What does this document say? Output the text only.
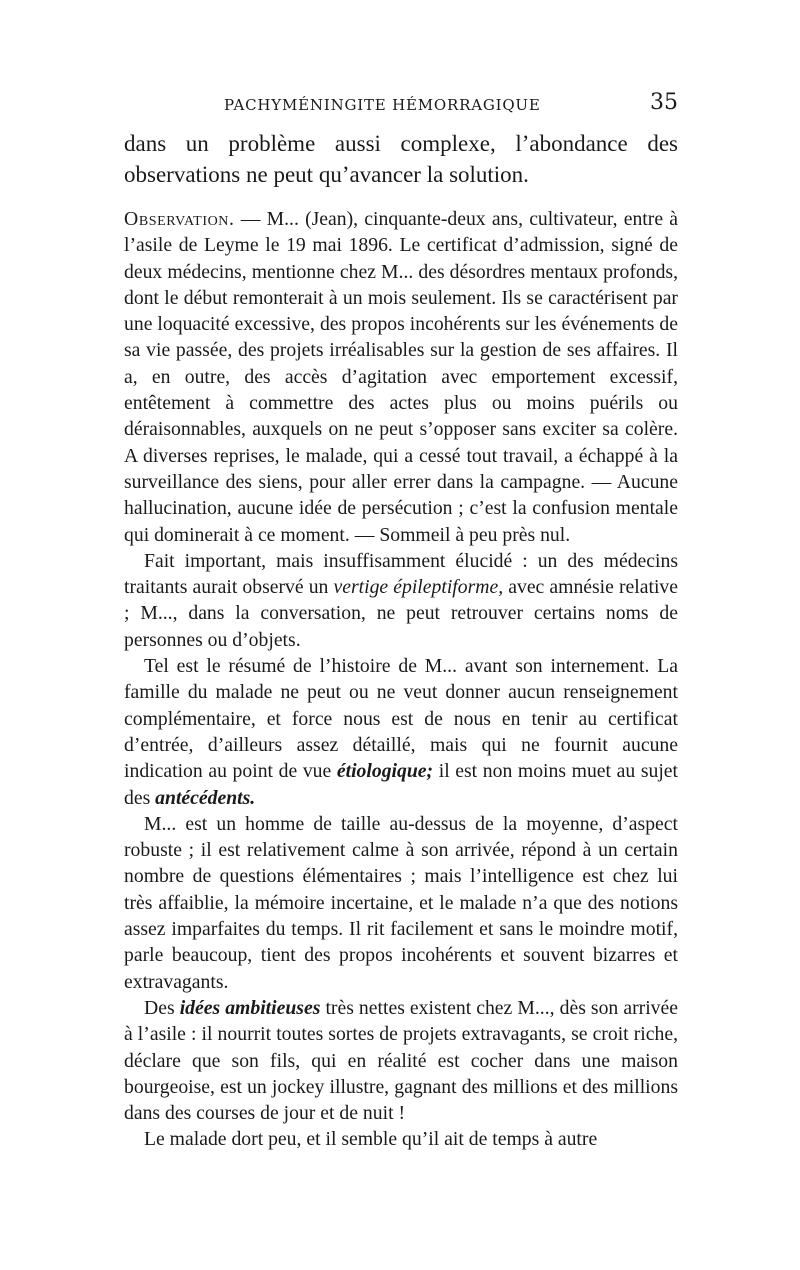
PACHYMÉNINGITE HÉMORRAGIQUE	35

dans un problème aussi complexe, l’abondance des observations ne peut qu’avancer la solution.

Observation. — M... (Jean), cinquante-deux ans, cultivateur, entre à l’asile de Leyme le 19 mai 1896. Le certificat d’admission, signé de deux médecins, mentionne chez M... des désordres mentaux profonds, dont le début remonterait à un mois seulement. Ils se caractérisent par une loquacité excessive, des propos incohérents sur les événements de sa vie passée, des projets irréalisables sur la gestion de ses affaires. Il a, en outre, des accès d’agitation avec emportement excessif, entêtement à commettre des actes plus ou moins puérils ou déraisonnables, auxquels on ne peut s’opposer sans exciter sa colère. A diverses reprises, le malade, qui a cessé tout travail, a échappé à la surveillance des siens, pour aller errer dans la campagne. — Aucune hallucination, aucune idée de persécution ; c’est la confusion mentale qui dominerait à ce moment. — Sommeil à peu près nul.

Fait important, mais insuffisamment élucidé : un des médecins traitants aurait observé un vertige épileptiforme, avec amnésie relative ; M..., dans la conversation, ne peut retrouver certains noms de personnes ou d’objets.

Tel est le résumé de l’histoire de M... avant son internement. La famille du malade ne peut ou ne veut donner aucun renseignement complémentaire, et force nous est de nous en tenir au certificat d’entrée, d’ailleurs assez détaillé, mais qui ne fournit aucune indication au point de vue étiologique; il est non moins muet au sujet des antécédents.

M... est un homme de taille au-dessus de la moyenne, d’aspect robuste ; il est relativement calme à son arrivée, répond à un certain nombre de questions élémentaires ; mais l’intelligence est chez lui très affaiblie, la mémoire incertaine, et le malade n’a que des notions assez imparfaites du temps. Il rit facilement et sans le moindre motif, parle beaucoup, tient des propos incohérents et souvent bizarres et extravagants.

Des idées ambitieuses très nettes existent chez M..., dès son arrivée à l’asile : il nourrit toutes sortes de projets extravagants, se croit riche, déclare que son fils, qui en réalité est cocher dans une maison bourgeoise, est un jockey illustre, gagnant des millions et des millions dans des courses de jour et de nuit !

Le malade dort peu, et il semble qu’il ait de temps à autre
